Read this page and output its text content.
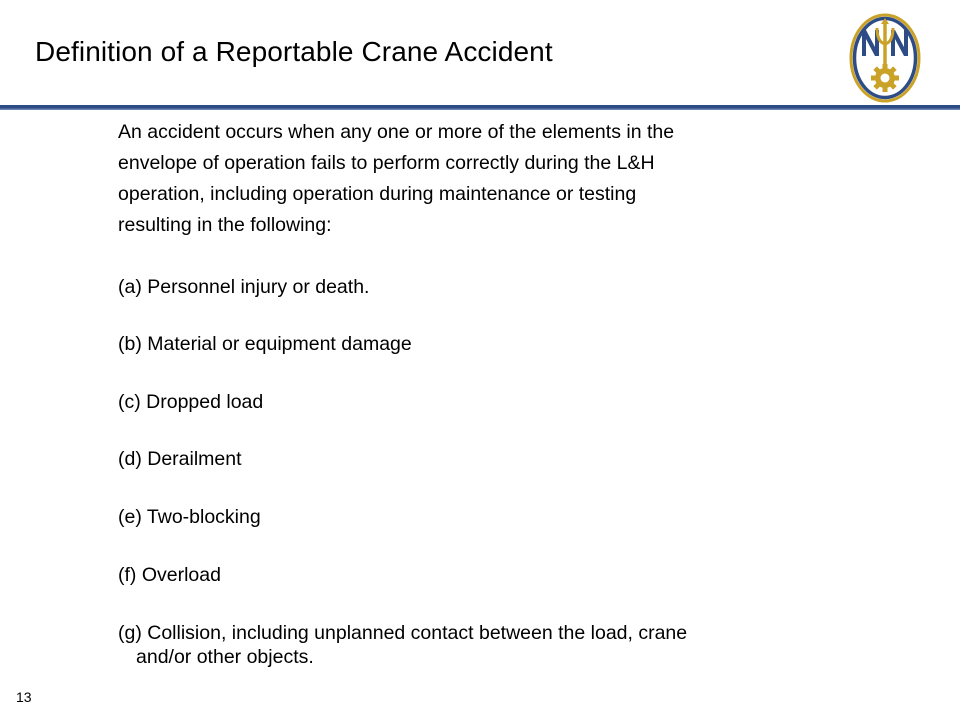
Definition of a Reportable Crane Accident

An accident occurs when any one or more of the elements in the

envelope of operation fails to perform correctly during the L&H

operation, including operation during maintenance or testing

resulting in the following:

(a) Personnel injury or death.
(b) Material or equipment damage
(c) Dropped load
(d) Derailment
(e) Two-blocking
(f) Overload
(g) Collision, including unplanned contact between the load, crane
and/or other objects.
13
